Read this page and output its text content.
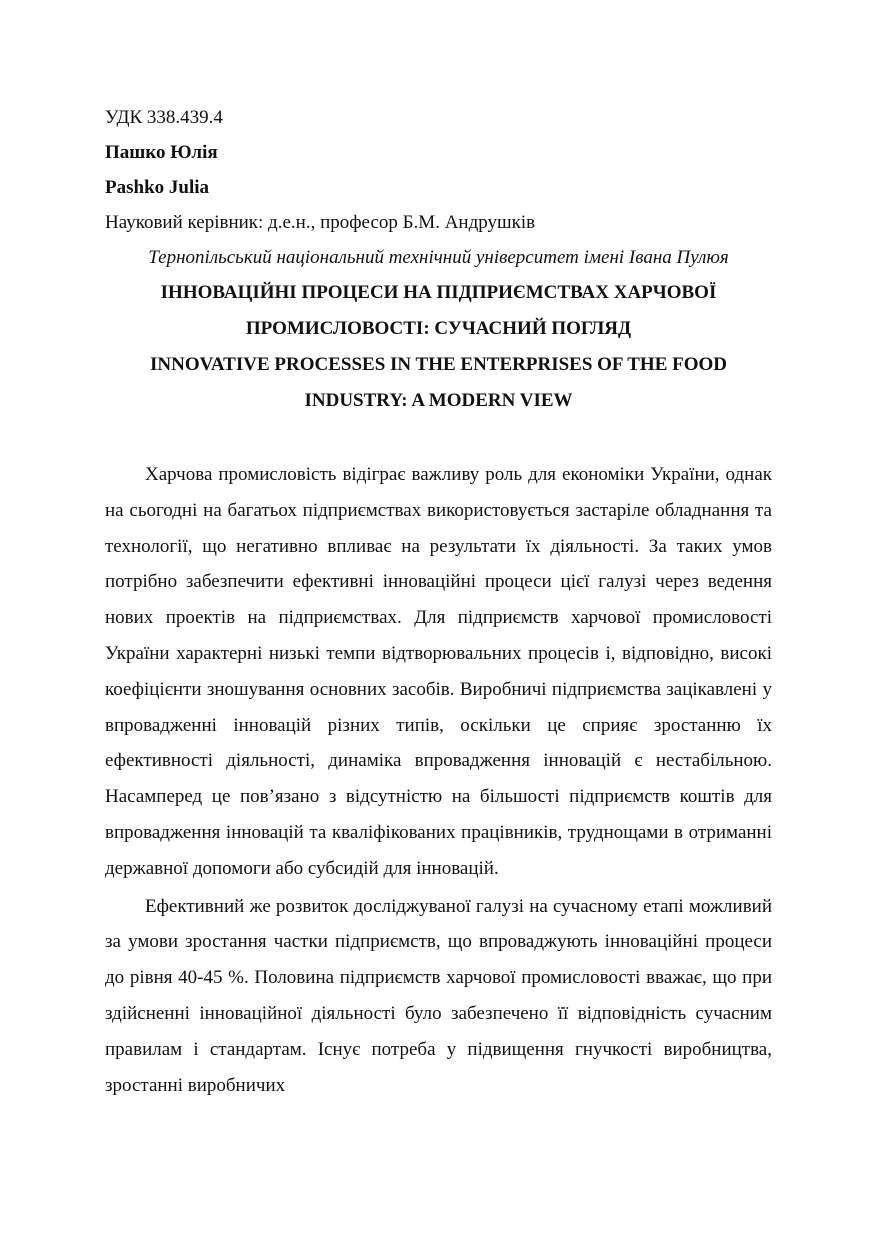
УДК 338.439.4
Пашко Юлія
Pashko Julia
Науковий керівник: д.е.н., професор Б.М. Андрушків
Тернопільський національний технічний університет імені Івана Пулюя
ІННОВАЦІЙНІ ПРОЦЕСИ НА ПІДПРИЄМСТВАХ ХАРЧОВОЇ
ПРОМИСЛОВОСТІ: СУЧАСНИЙ ПОГЛЯД
INNOVATIVE PROCESSES IN THE ENTERPRISES OF THE FOOD
INDUSTRY: A MODERN VIEW

Харчова промисловість відіграє важливу роль для економіки України, однак на сьогодні на багатьох підприємствах використовується застаріле обладнання та технології, що негативно впливає на результати їх діяльності. За таких умов потрібно забезпечити ефективні інноваційні процеси цієї галузі через ведення нових проектів на підприємствах. Для підприємств харчової промисловості України характерні низькі темпи відтворювальних процесів і, відповідно, високі коефіцієнти зношування основних засобів. Виробничі підприємства зацікавлені у впровадженні інновацій різних типів, оскільки це сприяє зростанню їх ефективності діяльності, динаміка впровадження інновацій є нестабільною. Насамперед це пов’язано з відсутністю на більшості підприємств коштів для впровадження інновацій та кваліфікованих працівників, труднощами в отриманні державної допомоги або субсидій для інновацій.

Ефективний же розвиток досліджуваної галузі на сучасному етапі можливий за умови зростання частки підприємств, що впроваджують інноваційні процеси до рівня 40-45 %. Половина підприємств харчової промисловості вважає, що при здійсненні інноваційної діяльності було забезпечено її відповідність сучасним правилам і стандартам. Існує потреба у підвищення гнучкості виробництва, зростанні виробничих
